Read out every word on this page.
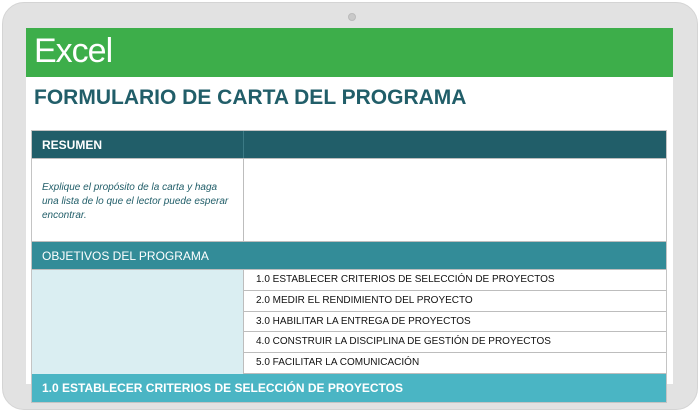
Excel
FORMULARIO DE CARTA DEL PROGRAMA
RESUMEN
Explique el propósito de la carta y haga una lista de lo que el lector puede esperar encontrar.
OBJETIVOS DEL PROGRAMA
1.0 ESTABLECER CRITERIOS DE SELECCIÓN DE PROYECTOS
2.0 MEDIR EL RENDIMIENTO DEL PROYECTO
3.0 HABILITAR LA ENTREGA DE PROYECTOS
4.0 CONSTRUIR LA DISCIPLINA DE GESTIÓN DE PROYECTOS
5.0 FACILITAR LA COMUNICACIÓN
1.0 ESTABLECER CRITERIOS DE SELECCIÓN DE PROYECTOS
